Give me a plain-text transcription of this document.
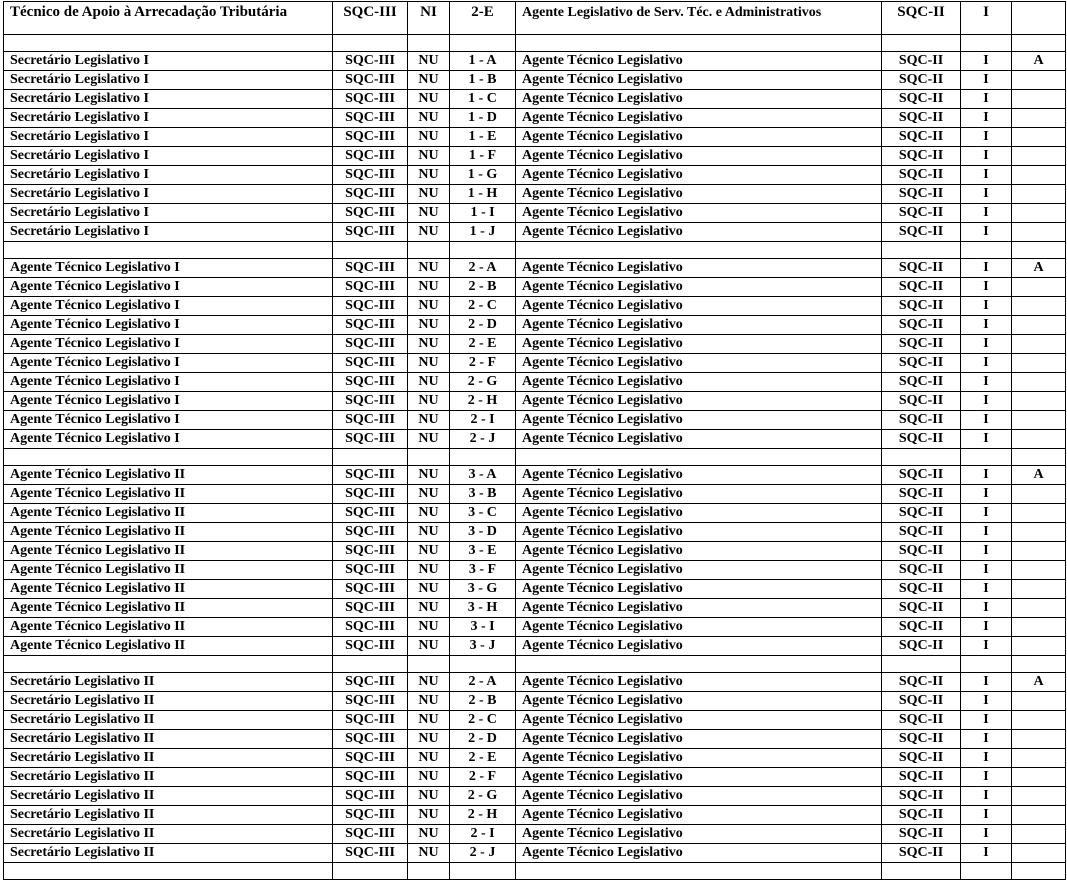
Técnico de Apoio à Arrecadação Tributária	SQC-III	NI	2-E	Agente Legislativo de Serv. Téc. e Administrativos	SQC-II	I	

Secretário Legislativo I	SQC-III	NU	1 - A	Agente Técnico Legislativo	SQC-II	I	A
Secretário Legislativo I	SQC-III	NU	1 - B	Agente Técnico Legislativo	SQC-II	I	
Secretário Legislativo I	SQC-III	NU	1 - C	Agente Técnico Legislativo	SQC-II	I	
Secretário Legislativo I	SQC-III	NU	1 - D	Agente Técnico Legislativo	SQC-II	I	
Secretário Legislativo I	SQC-III	NU	1 - E	Agente Técnico Legislativo	SQC-II	I	
Secretário Legislativo I	SQC-III	NU	1 - F	Agente Técnico Legislativo	SQC-II	I	
Secretário Legislativo I	SQC-III	NU	1 - G	Agente Técnico Legislativo	SQC-II	I	
Secretário Legislativo I	SQC-III	NU	1 - H	Agente Técnico Legislativo	SQC-II	I	
Secretário Legislativo I	SQC-III	NU	1 - I	Agente Técnico Legislativo	SQC-II	I	
Secretário Legislativo I	SQC-III	NU	1 - J	Agente Técnico Legislativo	SQC-II	I	

Agente Técnico Legislativo I	SQC-III	NU	2 - A	Agente Técnico Legislativo	SQC-II	I	A
Agente Técnico Legislativo I	SQC-III	NU	2 - B	Agente Técnico Legislativo	SQC-II	I	
Agente Técnico Legislativo I	SQC-III	NU	2 - C	Agente Técnico Legislativo	SQC-II	I	
Agente Técnico Legislativo I	SQC-III	NU	2 - D	Agente Técnico Legislativo	SQC-II	I	
Agente Técnico Legislativo I	SQC-III	NU	2 - E	Agente Técnico Legislativo	SQC-II	I	
Agente Técnico Legislativo I	SQC-III	NU	2 - F	Agente Técnico Legislativo	SQC-II	I	
Agente Técnico Legislativo I	SQC-III	NU	2 - G	Agente Técnico Legislativo	SQC-II	I	
Agente Técnico Legislativo I	SQC-III	NU	2 - H	Agente Técnico Legislativo	SQC-II	I	
Agente Técnico Legislativo I	SQC-III	NU	2 - I	Agente Técnico Legislativo	SQC-II	I	
Agente Técnico Legislativo I	SQC-III	NU	2 - J	Agente Técnico Legislativo	SQC-II	I	

Agente Técnico Legislativo II	SQC-III	NU	3 - A	Agente Técnico Legislativo	SQC-II	I	A
Agente Técnico Legislativo II	SQC-III	NU	3 - B	Agente Técnico Legislativo	SQC-II	I	
Agente Técnico Legislativo II	SQC-III	NU	3 - C	Agente Técnico Legislativo	SQC-II	I	
Agente Técnico Legislativo II	SQC-III	NU	3 - D	Agente Técnico Legislativo	SQC-II	I	
Agente Técnico Legislativo II	SQC-III	NU	3 - E	Agente Técnico Legislativo	SQC-II	I	
Agente Técnico Legislativo II	SQC-III	NU	3 - F	Agente Técnico Legislativo	SQC-II	I	
Agente Técnico Legislativo II	SQC-III	NU	3 - G	Agente Técnico Legislativo	SQC-II	I	
Agente Técnico Legislativo II	SQC-III	NU	3 - H	Agente Técnico Legislativo	SQC-II	I	
Agente Técnico Legislativo II	SQC-III	NU	3 - I	Agente Técnico Legislativo	SQC-II	I	
Agente Técnico Legislativo II	SQC-III	NU	3 - J	Agente Técnico Legislativo	SQC-II	I	

Secretário Legislativo II	SQC-III	NU	2 - A	Agente Técnico Legislativo	SQC-II	I	A
Secretário Legislativo II	SQC-III	NU	2 - B	Agente Técnico Legislativo	SQC-II	I	
Secretário Legislativo II	SQC-III	NU	2 - C	Agente Técnico Legislativo	SQC-II	I	
Secretário Legislativo II	SQC-III	NU	2 - D	Agente Técnico Legislativo	SQC-II	I	
Secretário Legislativo II	SQC-III	NU	2 - E	Agente Técnico Legislativo	SQC-II	I	
Secretário Legislativo II	SQC-III	NU	2 - F	Agente Técnico Legislativo	SQC-II	I	
Secretário Legislativo II	SQC-III	NU	2 - G	Agente Técnico Legislativo	SQC-II	I	
Secretário Legislativo II	SQC-III	NU	2 - H	Agente Técnico Legislativo	SQC-II	I	
Secretário Legislativo II	SQC-III	NU	2 - I	Agente Técnico Legislativo	SQC-II	I	
Secretário Legislativo II	SQC-III	NU	2 - J	Agente Técnico Legislativo	SQC-II	I	
